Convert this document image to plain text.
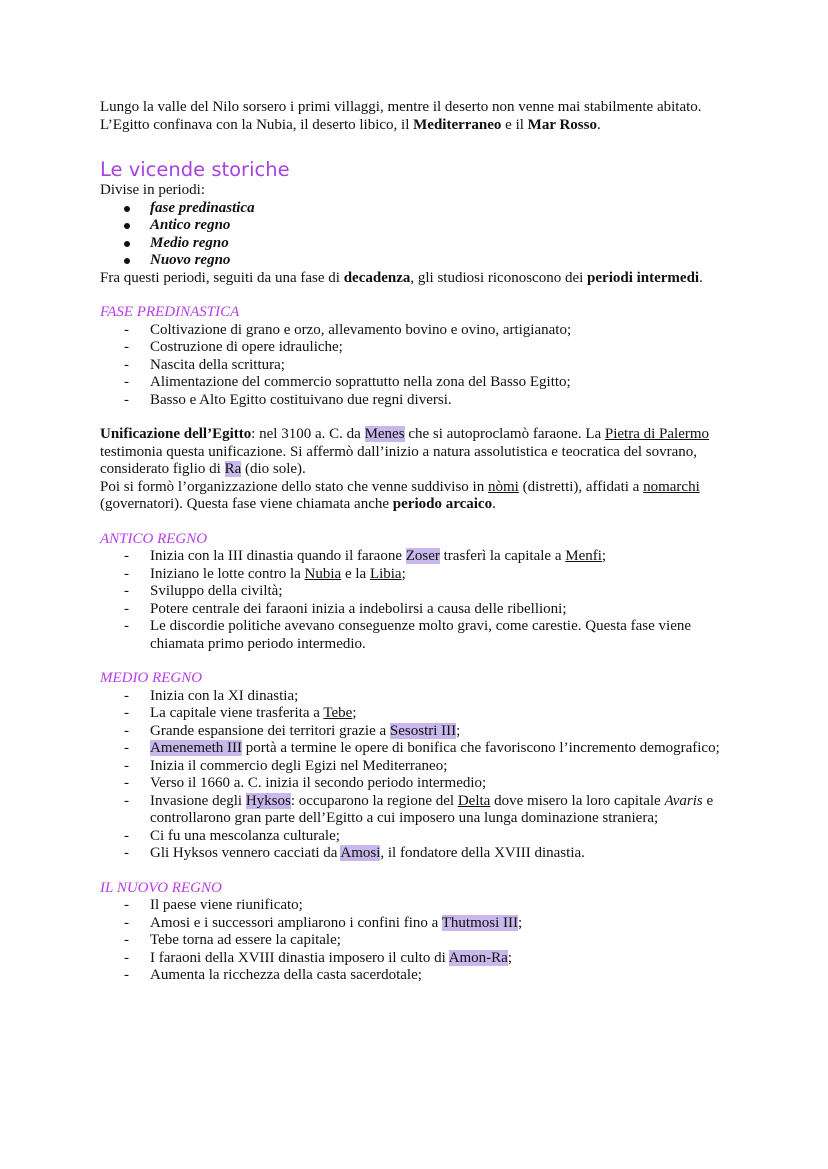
Lungo la valle del Nilo sorsero i primi villaggi, mentre il deserto non venne mai stabilmente abitato.
L’Egitto confinava con la Nubia, il deserto libico, il Mediterraneo e il Mar Rosso.

Le vicende storiche

Divise in periodi:

fase predinastica
Antico regno
Medio regno
Nuovo regno

Fra questi periodi, seguiti da una fase di decadenza, gli studiosi riconoscono dei periodi intermedi.

FASE PREDINASTICA

- Coltivazione di grano e orzo, allevamento bovino e ovino, artigianato;
- Costruzione di opere idrauliche;
- Nascita della scrittura;
- Alimentazione del commercio soprattutto nella zona del Basso Egitto;
- Basso e Alto Egitto costituivano due regni diversi.

Unificazione dell’Egitto: nel 3100 a. C. da Menes che si autoproclamò faraone. La Pietra di Palermo testimonia questa unificazione. Si affermò dall’inizio a natura assolutistica e teocratica del sovrano, considerato figlio di Ra (dio sole).
Poi si formò l’organizzazione dello stato che venne suddiviso in nòmi (distretti), affidati a nomarchi (governatori). Questa fase viene chiamata anche periodo arcaico.

ANTICO REGNO

- Inizia con la III dinastia quando il faraone Zoser trasferì la capitale a Menfi;
- Iniziano le lotte contro la Nubia e la Libia;
- Sviluppo della civiltà;
- Potere centrale dei faraoni inizia a indebolirsi a causa delle ribellioni;
- Le discordie politiche avevano conseguenze molto gravi, come carestie. Questa fase viene chiamata primo periodo intermedio.

MEDIO REGNO

- Inizia con la XI dinastia;
- La capitale viene trasferita a Tebe;
- Grande espansione dei territori grazie a Sesostri III;
- Amenemeth III portà a termine le opere di bonifica che favoriscono l’incremento demografico;
- Inizia il commercio degli Egizi nel Mediterraneo;
- Verso il 1660 a. C. inizia il secondo periodo intermedio;
- Invasione degli Hyksos: occuparono la regione del Delta dove misero la loro capitale Avaris e controllarono gran parte dell’Egitto a cui imposero una lunga dominazione straniera;
- Ci fu una mescolanza culturale;
- Gli Hyksos vennero cacciati da Amosi, il fondatore della XVIII dinastia.

IL NUOVO REGNO

- Il paese viene riunificato;
- Amosi e i successori ampliarono i confini fino a Thutmosi III;
- Tebe torna ad essere la capitale;
- I faraoni della XVIII dinastia imposero il culto di Amon-Ra;
- Aumenta la ricchezza della casta sacerdotale;
